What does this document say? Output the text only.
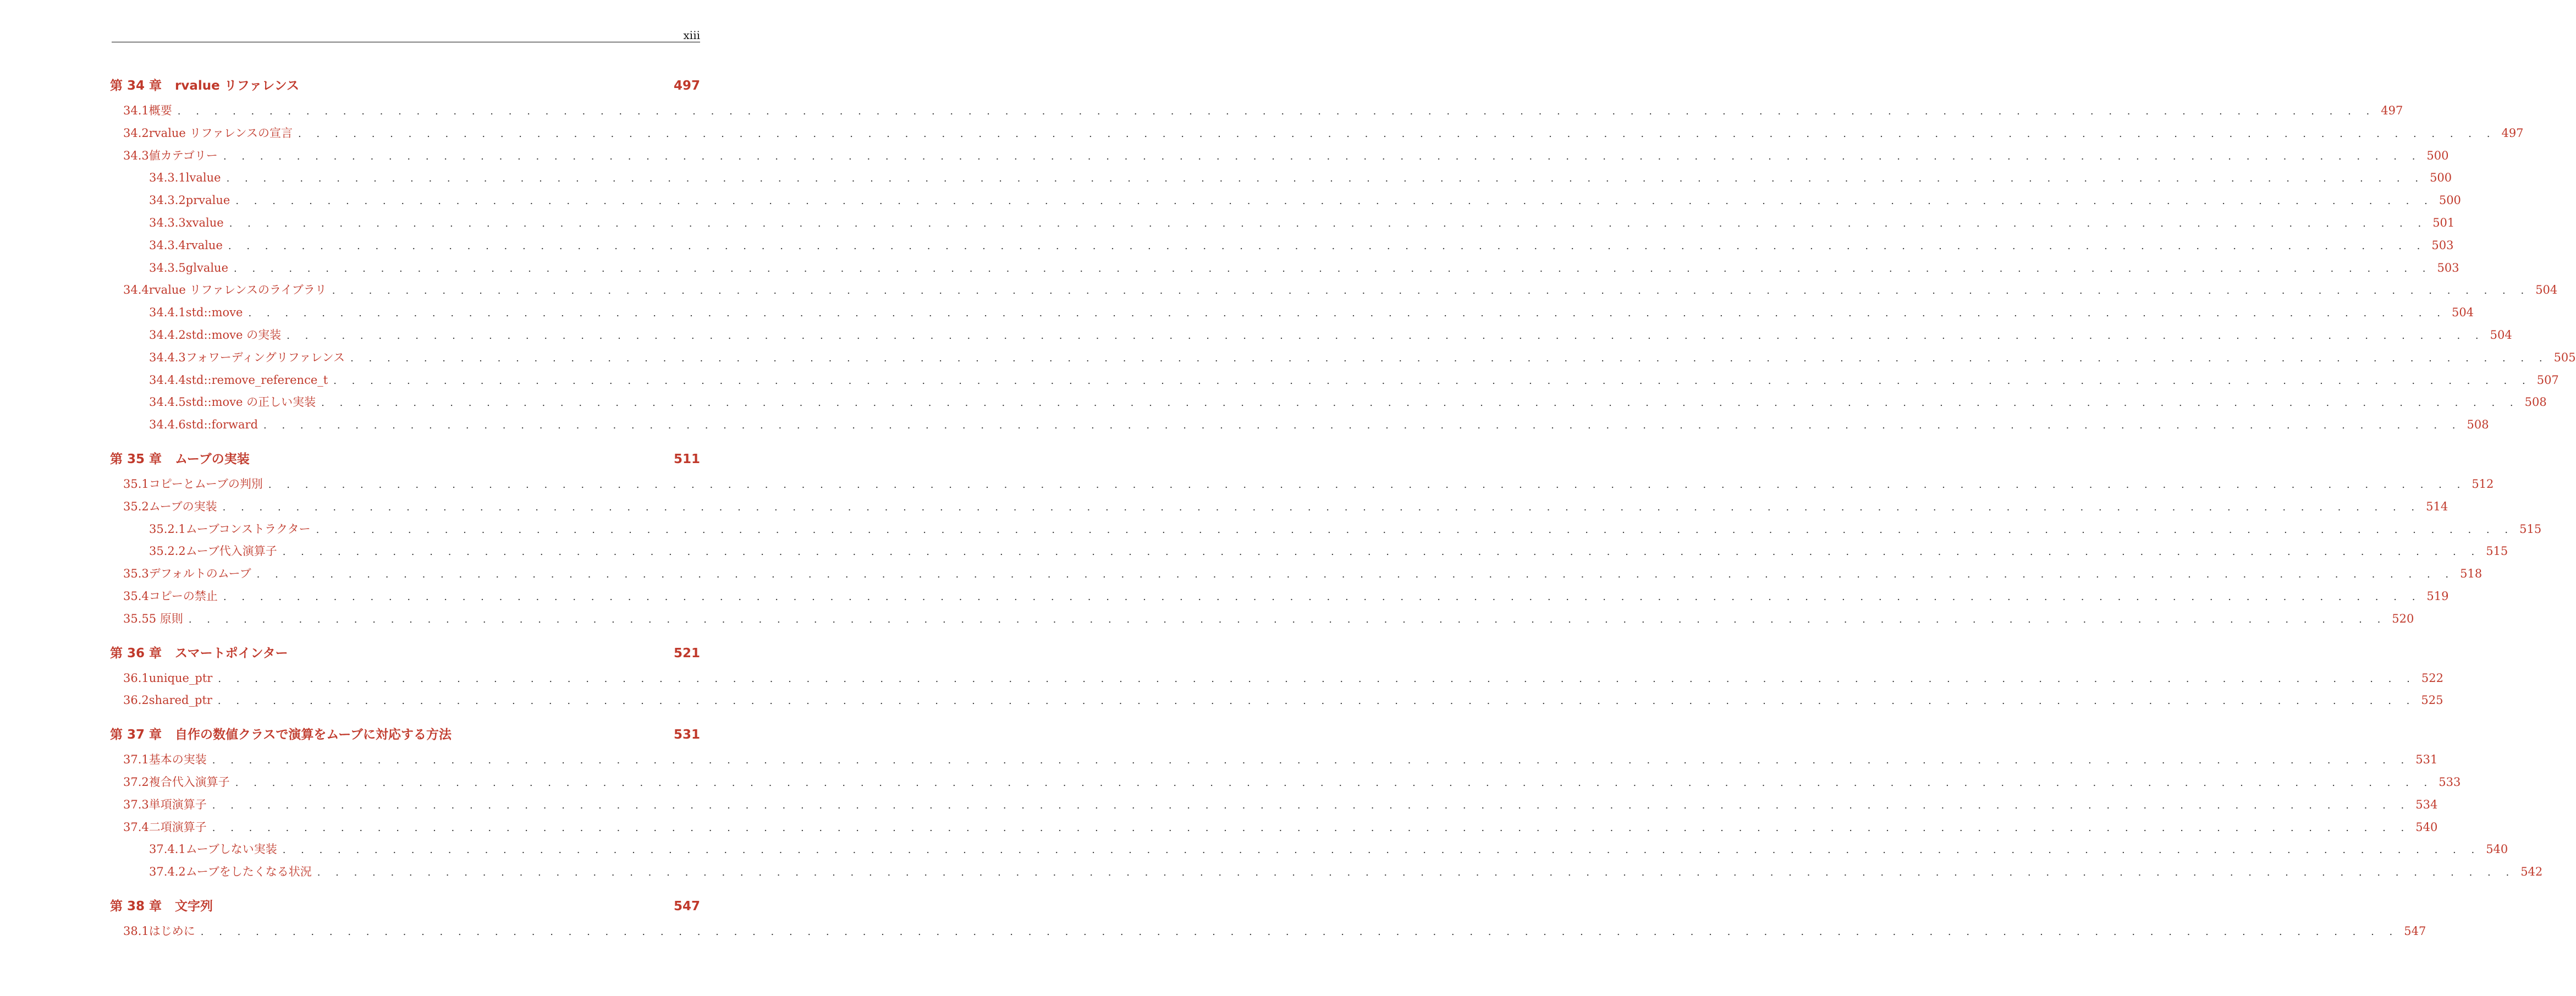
xiii
第 34 章 rvalue リファレンス	497
34.1 概要 . . . . . . . . . . . . . . . . . . . . . . . . . . . . . . . . . . . . . . . . . . . . . . . . . . . . . . . . . . . . . . . . . . . . . . . . . . . . . . . . . . . . . . . . . . . . . . . . . . . . . . . . . . . . . . . . . . . . . . . . 497
34.2 rvalue リファレンスの宣言 . . . . . . . . . . . . . . . . . . . . . . . . . . . . . . . . . . . . . . . . . . . . . . . . . . . . . . . . . . . . . . . . . . . . . . . . . . . . . . . . . . . . . . . . . . . . . . . . . . . . . . . . . . . . . . . . . . . . . . . . 497
34.3 値カテゴリー . . . . . . . . . . . . . . . . . . . . . . . . . . . . . . . . . . . . . . . . . . . . . . . . . . . . . . . . . . . . . . . . . . . . . . . . . . . . . . . . . . . . . . . . . . . . . . . . . . . . . . . . . . . . . . . . . . . . . . . . 500
34.3.1 lvalue . . . . . . . . . . . . . . . . . . . . . . . . . . . . . . . . . . . . . . . . . . . . . . . . . . . . . . . . . . . . . . . . . . . . . . . . . . . . . . . . . . . . . . . . . . . . . . . . . . . . . . . . . . . . . . . . . . . . . . . . 500
34.3.2 prvalue . . . . . . . . . . . . . . . . . . . . . . . . . . . . . . . . . . . . . . . . . . . . . . . . . . . . . . . . . . . . . . . . . . . . . . . . . . . . . . . . . . . . . . . . . . . . . . . . . . . . . . . . . . . . . . . . . . . . . . . . 500
34.3.3 xvalue . . . . . . . . . . . . . . . . . . . . . . . . . . . . . . . . . . . . . . . . . . . . . . . . . . . . . . . . . . . . . . . . . . . . . . . . . . . . . . . . . . . . . . . . . . . . . . . . . . . . . . . . . . . . . . . . . . . . . . . . 501
34.3.4 rvalue . . . . . . . . . . . . . . . . . . . . . . . . . . . . . . . . . . . . . . . . . . . . . . . . . . . . . . . . . . . . . . . . . . . . . . . . . . . . . . . . . . . . . . . . . . . . . . . . . . . . . . . . . . . . . . . . . . . . . . . . 503
34.3.5 glvalue . . . . . . . . . . . . . . . . . . . . . . . . . . . . . . . . . . . . . . . . . . . . . . . . . . . . . . . . . . . . . . . . . . . . . . . . . . . . . . . . . . . . . . . . . . . . . . . . . . . . . . . . . . . . . . . . . . . . . . . . 503
34.4 rvalue リファレンスのライブラリ . . . . . . . . . . . . . . . . . . . . . . . . . . . . . . . . . . . . . . . . . . . . . . . . . . . . . . . . . . . . . . . . . . . . . . . . . . . . . . . . . . . . . . . . . . . . . . . . . . . . . . . . . . . . . . . . . . . . . . . . 504
34.4.1 std::move . . . . . . . . . . . . . . . . . . . . . . . . . . . . . . . . . . . . . . . . . . . . . . . . . . . . . . . . . . . . . . . . . . . . . . . . . . . . . . . . . . . . . . . . . . . . . . . . . . . . . . . . . . . . . . . . . . . . . . . . 504
34.4.2 std::move の実装 . . . . . . . . . . . . . . . . . . . . . . . . . . . . . . . . . . . . . . . . . . . . . . . . . . . . . . . . . . . . . . . . . . . . . . . . . . . . . . . . . . . . . . . . . . . . . . . . . . . . . . . . . . . . . . . . . . . . . . . . 504
34.4.3 フォワーディングリファレンス . . . . . . . . . . . . . . . . . . . . . . . . . . . . . . . . . . . . . . . . . . . . . . . . . . . . . . . . . . . . . . . . . . . . . . . . . . . . . . . . . . . . . . . . . . . . . . . . . . . . . . . . . . . . . . . . . . . . . . . . 505
34.4.4 std::remove_reference_t . . . . . . . . . . . . . . . . . . . . . . . . . . . . . . . . . . . . . . . . . . . . . . . . . . . . . . . . . . . . . . . . . . . . . . . . . . . . . . . . . . . . . . . . . . . . . . . . . . . . . . . . . . . . . . . . . . . . . . . . 507
34.4.5 std::move の正しい実装 . . . . . . . . . . . . . . . . . . . . . . . . . . . . . . . . . . . . . . . . . . . . . . . . . . . . . . . . . . . . . . . . . . . . . . . . . . . . . . . . . . . . . . . . . . . . . . . . . . . . . . . . . . . . . . . . . . . . . . . . 508
34.4.6 std::forward . . . . . . . . . . . . . . . . . . . . . . . . . . . . . . . . . . . . . . . . . . . . . . . . . . . . . . . . . . . . . . . . . . . . . . . . . . . . . . . . . . . . . . . . . . . . . . . . . . . . . . . . . . . . . . . . . . . . . . . . 508
第 35 章 ムーブの実装	511
35.1 コピーとムーブの判別 . . . . . . . . . . . . . . . . . . . . . . . . . . . . . . . . . . . . . . . . . . . . . . . . . . . . . . . . . . . . . . . . . . . . . . . . . . . . . . . . . . . . . . . . . . . . . . . . . . . . . . . . . . . . . . . . . . . . . . . . 512
35.2 ムーブの実装 . . . . . . . . . . . . . . . . . . . . . . . . . . . . . . . . . . . . . . . . . . . . . . . . . . . . . . . . . . . . . . . . . . . . . . . . . . . . . . . . . . . . . . . . . . . . . . . . . . . . . . . . . . . . . . . . . . . . . . . . 514
35.2.1 ムーブコンストラクター . . . . . . . . . . . . . . . . . . . . . . . . . . . . . . . . . . . . . . . . . . . . . . . . . . . . . . . . . . . . . . . . . . . . . . . . . . . . . . . . . . . . . . . . . . . . . . . . . . . . . . . . . . . . . . . . . . . . . . . . 515
35.2.2 ムーブ代入演算子 . . . . . . . . . . . . . . . . . . . . . . . . . . . . . . . . . . . . . . . . . . . . . . . . . . . . . . . . . . . . . . . . . . . . . . . . . . . . . . . . . . . . . . . . . . . . . . . . . . . . . . . . . . . . . . . . . . . . . . . . 515
35.3 デフォルトのムーブ . . . . . . . . . . . . . . . . . . . . . . . . . . . . . . . . . . . . . . . . . . . . . . . . . . . . . . . . . . . . . . . . . . . . . . . . . . . . . . . . . . . . . . . . . . . . . . . . . . . . . . . . . . . . . . . . . . . . . . . . 518
35.4 コピーの禁止 . . . . . . . . . . . . . . . . . . . . . . . . . . . . . . . . . . . . . . . . . . . . . . . . . . . . . . . . . . . . . . . . . . . . . . . . . . . . . . . . . . . . . . . . . . . . . . . . . . . . . . . . . . . . . . . . . . . . . . . . 519
35.5 5 原則 . . . . . . . . . . . . . . . . . . . . . . . . . . . . . . . . . . . . . . . . . . . . . . . . . . . . . . . . . . . . . . . . . . . . . . . . . . . . . . . . . . . . . . . . . . . . . . . . . . . . . . . . . . . . . . . . . . . . . . . . 520
第 36 章 スマートポインター	521
36.1 unique_ptr . . . . . . . . . . . . . . . . . . . . . . . . . . . . . . . . . . . . . . . . . . . . . . . . . . . . . . . . . . . . . . . . . . . . . . . . . . . . . . . . . . . . . . . . . . . . . . . . . . . . . . . . . . . . . . . . . . . . . . . . 522
36.2 shared_ptr . . . . . . . . . . . . . . . . . . . . . . . . . . . . . . . . . . . . . . . . . . . . . . . . . . . . . . . . . . . . . . . . . . . . . . . . . . . . . . . . . . . . . . . . . . . . . . . . . . . . . . . . . . . . . . . . . . . . . . . . 525
第 37 章 自作の数値クラスで演算をムーブに対応する方法	531
37.1 基本の実装 . . . . . . . . . . . . . . . . . . . . . . . . . . . . . . . . . . . . . . . . . . . . . . . . . . . . . . . . . . . . . . . . . . . . . . . . . . . . . . . . . . . . . . . . . . . . . . . . . . . . . . . . . . . . . . . . . . . . . . . . 531
37.2 複合代入演算子 . . . . . . . . . . . . . . . . . . . . . . . . . . . . . . . . . . . . . . . . . . . . . . . . . . . . . . . . . . . . . . . . . . . . . . . . . . . . . . . . . . . . . . . . . . . . . . . . . . . . . . . . . . . . . . . . . . . . . . . . 533
37.3 単項演算子 . . . . . . . . . . . . . . . . . . . . . . . . . . . . . . . . . . . . . . . . . . . . . . . . . . . . . . . . . . . . . . . . . . . . . . . . . . . . . . . . . . . . . . . . . . . . . . . . . . . . . . . . . . . . . . . . . . . . . . . . 534
37.4 二項演算子 . . . . . . . . . . . . . . . . . . . . . . . . . . . . . . . . . . . . . . . . . . . . . . . . . . . . . . . . . . . . . . . . . . . . . . . . . . . . . . . . . . . . . . . . . . . . . . . . . . . . . . . . . . . . . . . . . . . . . . . . 540
37.4.1 ムーブしない実装 . . . . . . . . . . . . . . . . . . . . . . . . . . . . . . . . . . . . . . . . . . . . . . . . . . . . . . . . . . . . . . . . . . . . . . . . . . . . . . . . . . . . . . . . . . . . . . . . . . . . . . . . . . . . . . . . . . . . . . . . 540
37.4.2 ムーブをしたくなる状況 . . . . . . . . . . . . . . . . . . . . . . . . . . . . . . . . . . . . . . . . . . . . . . . . . . . . . . . . . . . . . . . . . . . . . . . . . . . . . . . . . . . . . . . . . . . . . . . . . . . . . . . . . . . . . . . . . . . . . . . . 542
第 38 章 文字列	547
38.1 はじめに . . . . . . . . . . . . . . . . . . . . . . . . . . . . . . . . . . . . . . . . . . . . . . . . . . . . . . . . . . . . . . . . . . . . . . . . . . . . . . . . . . . . . . . . . . . . . . . . . . . . . . . . . . . . . . . . . . . . . . . . 547
